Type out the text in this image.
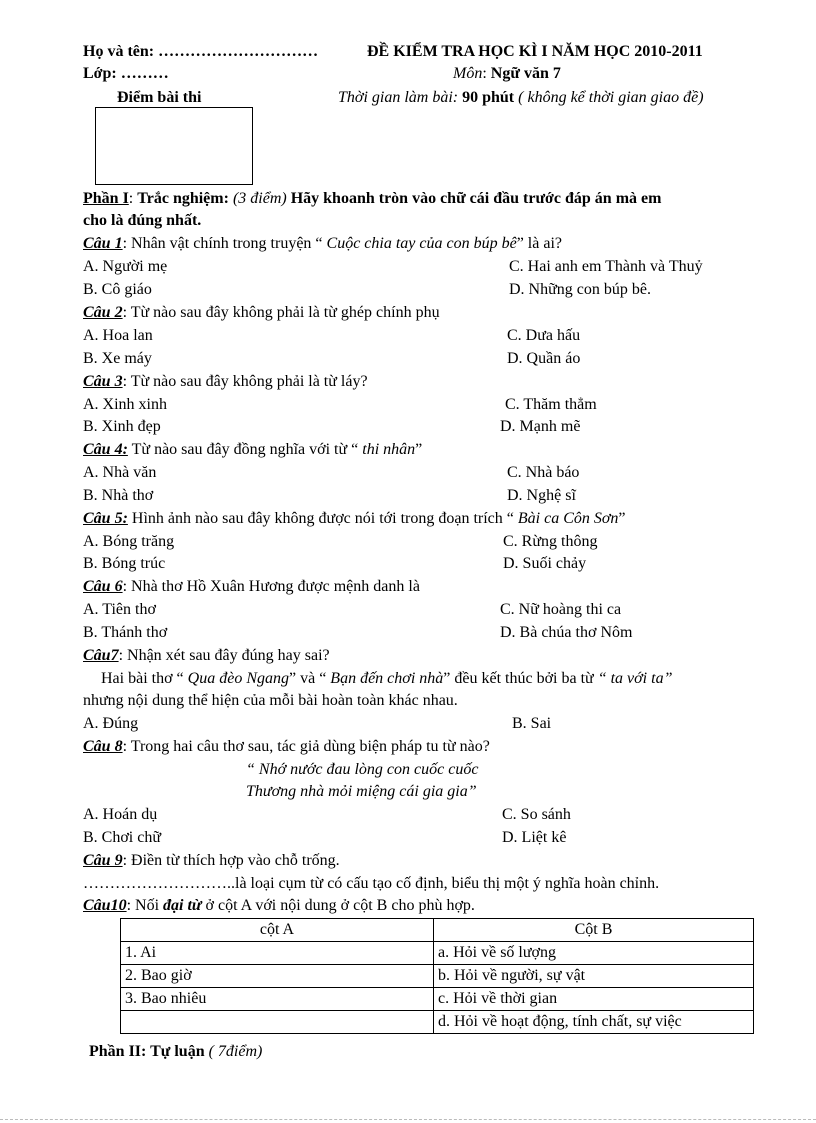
Họ và tên: …………………………	ĐỀ KIỂM TRA HỌC KÌ I NĂM HỌC 2010-2011
Lớp: ………	Môn: Ngữ văn 7
Điểm bài thi	Thời gian làm bài: 90 phút ( không kể thời gian giao đề)
Phần I: Trắc nghiệm: (3 điểm) Hãy khoanh tròn vào chữ cái đầu trước đáp án mà em
cho là đúng nhất.
Câu 1: Nhân vật chính trong truyện “ Cuộc chia tay của con búp bê” là ai?
A. Người mẹ	C. Hai anh em Thành và Thuỷ
B. Cô giáo	D. Những con búp bê.
Câu 2: Từ nào sau đây không phải là từ ghép chính phụ
A. Hoa lan	C. Dưa hấu
B. Xe máy	D. Quần áo
Câu 3: Từ nào sau đây không phải là từ láy?
A. Xinh xinh	C. Thăm thẳm
B. Xinh đẹp	D. Mạnh mẽ
Câu 4: Từ nào sau đây đồng nghĩa với từ “ thi nhân”
A. Nhà văn	C. Nhà báo
B. Nhà thơ	D. Nghệ sĩ
Câu 5: Hình ảnh nào sau đây không được nói tới trong đoạn trích “ Bài ca Côn Sơn”
A. Bóng trăng	C. Rừng thông
B. Bóng trúc	D. Suối chảy
Câu 6: Nhà thơ Hồ Xuân Hương được mệnh danh là
A. Tiên thơ	C. Nữ hoàng thi ca
B. Thánh thơ	D. Bà chúa thơ Nôm
Câu7: Nhận xét sau đây đúng hay sai?
Hai bài thơ “ Qua đèo Ngang” và “ Bạn đến chơi nhà” đều kết thúc bởi ba từ “ ta với ta”
nhưng nội dung thể hiện của mỗi bài hoàn toàn khác nhau.
A. Đúng	B. Sai
Câu 8: Trong hai câu thơ sau, tác giả dùng biện pháp tu từ nào?
“ Nhớ nước đau lòng con cuốc cuốc
Thương nhà mỏi miệng cái gia gia”
A. Hoán dụ	C. So sánh
B. Chơi chữ	D. Liệt kê
Câu 9: Điền từ thích hợp vào chỗ trống.
………………………..là loại cụm từ có cấu tạo cố định, biểu thị một ý nghĩa hoàn chỉnh.
Câu10: Nối đại từ ở cột A với nội dung ở cột B cho phù hợp.
cột A	Cột B
1. Ai	a. Hỏi về số lượng
2. Bao giờ	b. Hỏi về người, sự vật
3. Bao nhiêu	c. Hỏi về thời gian
	d. Hỏi về hoạt động, tính chất, sự việc
Phần II: Tự luận ( 7điểm)
